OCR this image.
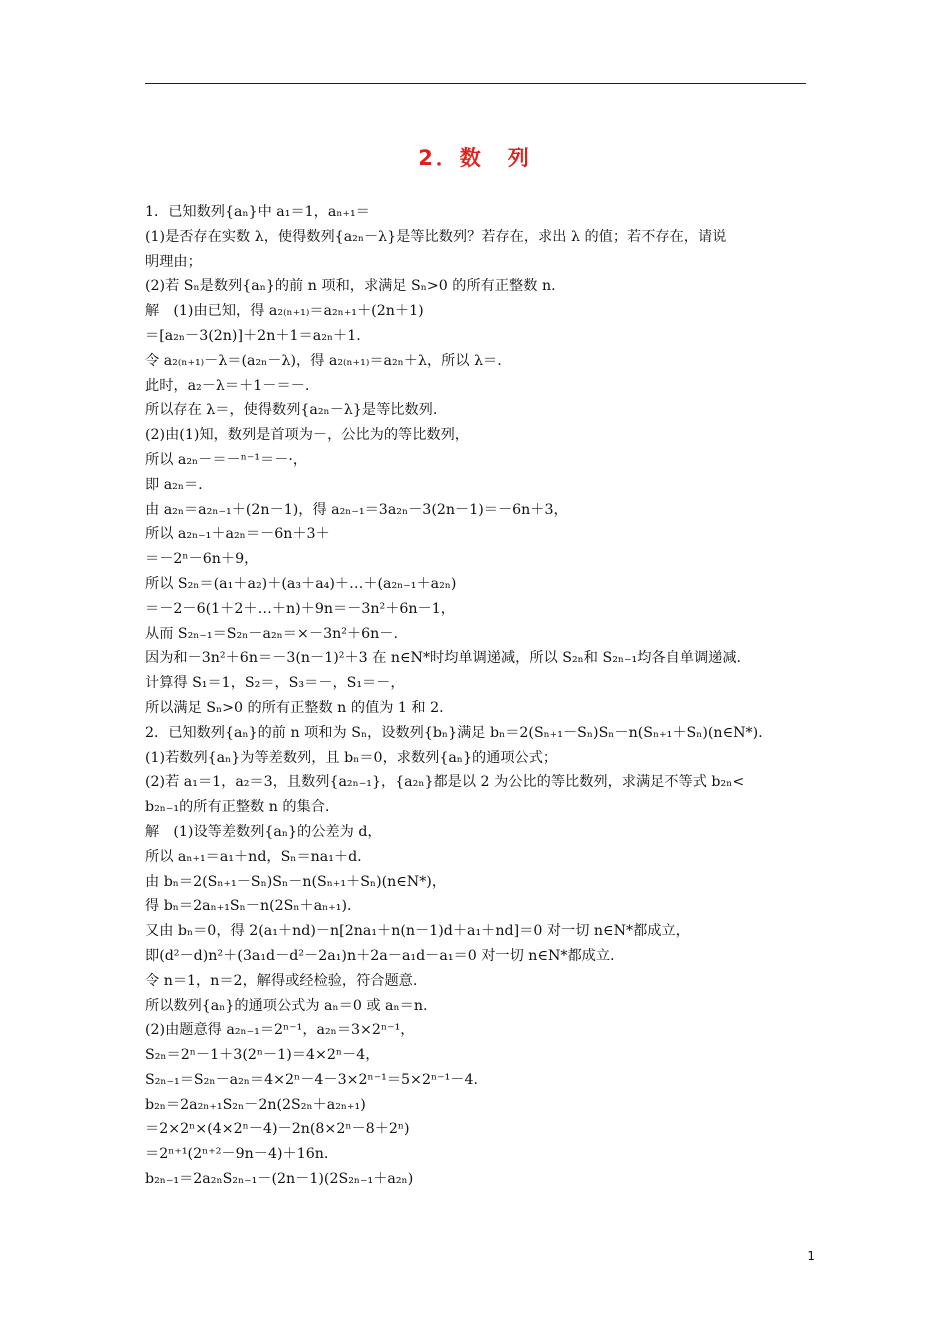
2．数　列
1．已知数列{aₙ}中 a₁＝1，aₙ₊₁＝
(1)是否存在实数 λ，使得数列{a₂ₙ－λ}是等比数列？若存在，求出 λ 的值；若不存在，请说
明理由；
(2)若 Sₙ是数列{aₙ}的前 n 项和，求满足 Sₙ>0 的所有正整数 n.
解　(1)由已知，得 a₂₍ₙ₊₁₎＝a₂ₙ₊₁＋(2n＋1)
＝[a₂ₙ－3(2n)]＋2n＋1＝a₂ₙ＋1.
令 a₂₍ₙ₊₁₎－λ＝(a₂ₙ－λ)，得 a₂₍ₙ₊₁₎＝a₂ₙ＋λ，所以 λ＝.
此时，a₂－λ＝＋1－＝－.
所以存在 λ＝，使得数列{a₂ₙ－λ}是等比数列.
(2)由(1)知，数列是首项为－，公比为的等比数列，
所以 a₂ₙ－＝－ⁿ⁻¹＝－·，
即 a₂ₙ＝.
由 a₂ₙ＝a₂ₙ₋₁＋(2n－1)，得 a₂ₙ₋₁＝3a₂ₙ－3(2n－1)＝－6n＋3，
所以 a₂ₙ₋₁＋a₂ₙ＝－6n＋3＋
＝－2ⁿ－6n＋9，
所以 S₂ₙ＝(a₁＋a₂)＋(a₃＋a₄)＋…＋(a₂ₙ₋₁＋a₂ₙ)
＝－2－6(1＋2＋…＋n)＋9n＝－3n²＋6n－1，
从而 S₂ₙ₋₁＝S₂ₙ－a₂ₙ＝×－3n²＋6n－.
因为和－3n²＋6n＝－3(n－1)²＋3 在 n∈N*时均单调递减，所以 S₂ₙ和 S₂ₙ₋₁均各自单调递减.
计算得 S₁＝1，S₂＝，S₃＝－，S₁＝－，
所以满足 Sₙ>0 的所有正整数 n 的值为 1 和 2.
2．已知数列{aₙ}的前 n 项和为 Sₙ，设数列{bₙ}满足 bₙ＝2(Sₙ₊₁－Sₙ)Sₙ－n(Sₙ₊₁＋Sₙ)(n∈N*).
(1)若数列{aₙ}为等差数列，且 bₙ＝0，求数列{aₙ}的通项公式；
(2)若 a₁＝1，a₂＝3，且数列{a₂ₙ₋₁}，{a₂ₙ}都是以 2 为公比的等比数列，求满足不等式 b₂ₙ<
b₂ₙ₋₁的所有正整数 n 的集合.
解　(1)设等差数列{aₙ}的公差为 d，
所以 aₙ₊₁＝a₁＋nd，Sₙ＝na₁＋d.
由 bₙ＝2(Sₙ₊₁－Sₙ)Sₙ－n(Sₙ₊₁＋Sₙ)(n∈N*)，
得 bₙ＝2aₙ₊₁Sₙ－n(2Sₙ＋aₙ₊₁).
又由 bₙ＝0，得 2(a₁＋nd)－n[2na₁＋n(n－1)d＋a₁＋nd]＝0 对一切 n∈N*都成立，
即(d²－d)n²＋(3a₁d－d²－2a₁)n＋2a－a₁d－a₁＝0 对一切 n∈N*都成立.
令 n＝1，n＝2，解得或经检验，符合题意.
所以数列{aₙ}的通项公式为 aₙ＝0 或 aₙ＝n.
(2)由题意得 a₂ₙ₋₁＝2ⁿ⁻¹，a₂ₙ＝3×2ⁿ⁻¹，
S₂ₙ＝2ⁿ－1＋3(2ⁿ－1)＝4×2ⁿ－4，
S₂ₙ₋₁＝S₂ₙ－a₂ₙ＝4×2ⁿ－4－3×2ⁿ⁻¹＝5×2ⁿ⁻¹－4.
b₂ₙ＝2a₂ₙ₊₁S₂ₙ－2n(2S₂ₙ＋a₂ₙ₊₁)
＝2×2ⁿ×(4×2ⁿ－4)－2n(8×2ⁿ－8＋2ⁿ)
＝2ⁿ⁺¹(2ⁿ⁺²－9n－4)＋16n.
b₂ₙ₋₁＝2a₂ₙS₂ₙ₋₁－(2n－1)(2S₂ₙ₋₁＋a₂ₙ)
1
